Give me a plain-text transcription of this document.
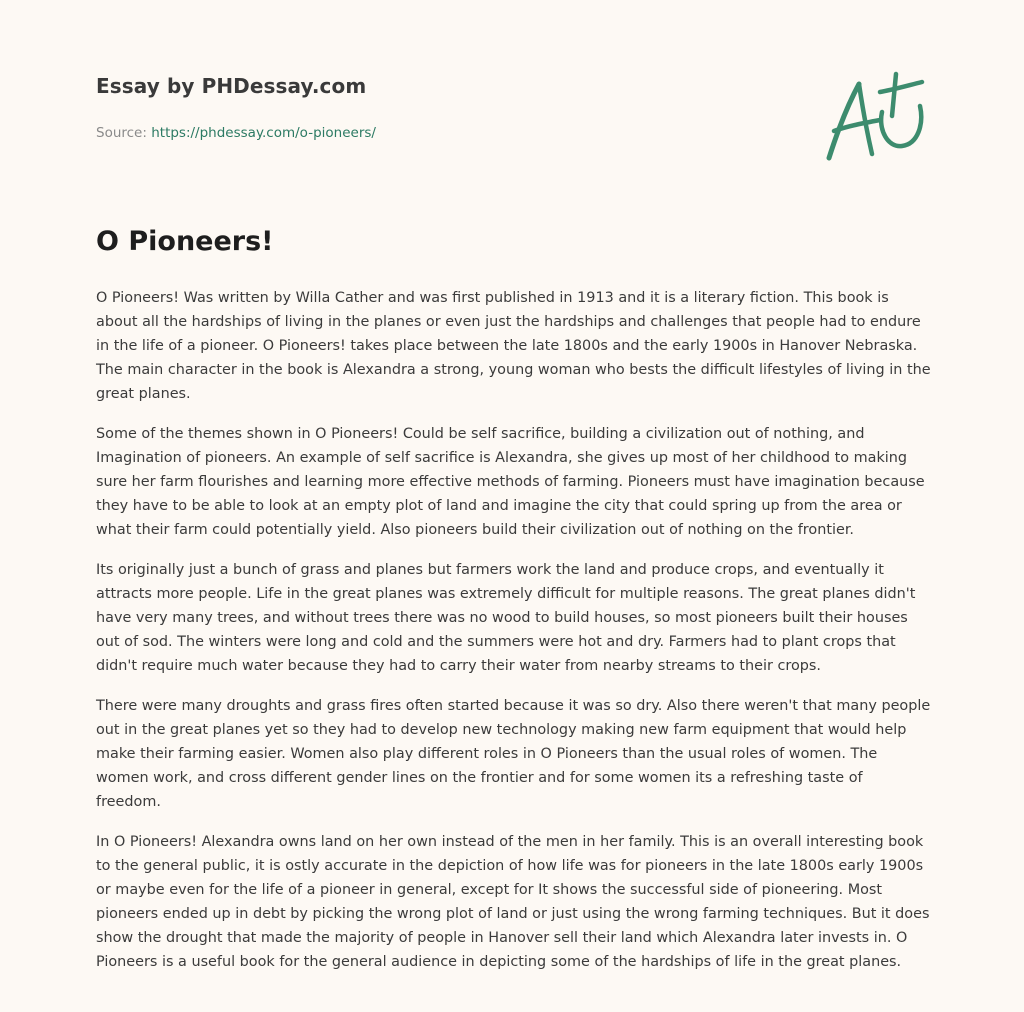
Essay by PHDessay.com
Source: https://phdessay.com/o-pioneers/
O Pioneers!

O Pioneers! Was written by Willa Cather and was first published in 1913 and it is a literary fiction. This book is about all the hardships of living in the planes or even just the hardships and challenges that people had to endure in the life of a pioneer. O Pioneers! takes place between the late 1800s and the early 1900s in Hanover Nebraska. The main character in the book is Alexandra a strong, young woman who bests the difficult lifestyles of living in the great planes.

Some of the themes shown in O Pioneers! Could be self sacrifice, building a civilization out of nothing, and Imagination of pioneers. An example of self sacrifice is Alexandra, she gives up most of her childhood to making sure her farm flourishes and learning more effective methods of farming. Pioneers must have imagination because they have to be able to look at an empty plot of land and imagine the city that could spring up from the area or what their farm could potentially yield. Also pioneers build their civilization out of nothing on the frontier.

Its originally just a bunch of grass and planes but farmers work the land and produce crops, and eventually it attracts more people. Life in the great planes was extremely difficult for multiple reasons. The great planes didn't have very many trees, and without trees there was no wood to build houses, so most pioneers built their houses out of sod. The winters were long and cold and the summers were hot and dry. Farmers had to plant crops that didn't require much water because they had to carry their water from nearby streams to their crops.

There were many droughts and grass fires often started because it was so dry. Also there weren't that many people out in the great planes yet so they had to develop new technology making new farm equipment that would help make their farming easier. Women also play different roles in O Pioneers than the usual roles of women. The women work, and cross different gender lines on the frontier and for some women its a refreshing taste of freedom.

In O Pioneers! Alexandra owns land on her own instead of the men in her family. This is an overall interesting book to the general public, it is ostly accurate in the depiction of how life was for pioneers in the late 1800s early 1900s or maybe even for the life of a pioneer in general, except for It shows the successful side of pioneering. Most pioneers ended up in debt by picking the wrong plot of land or just using the wrong farming techniques. But it does show the drought that made the majority of people in Hanover sell their land which Alexandra later invests in. O Pioneers is a useful book for the general audience in depicting some of the hardships of life in the great planes.
